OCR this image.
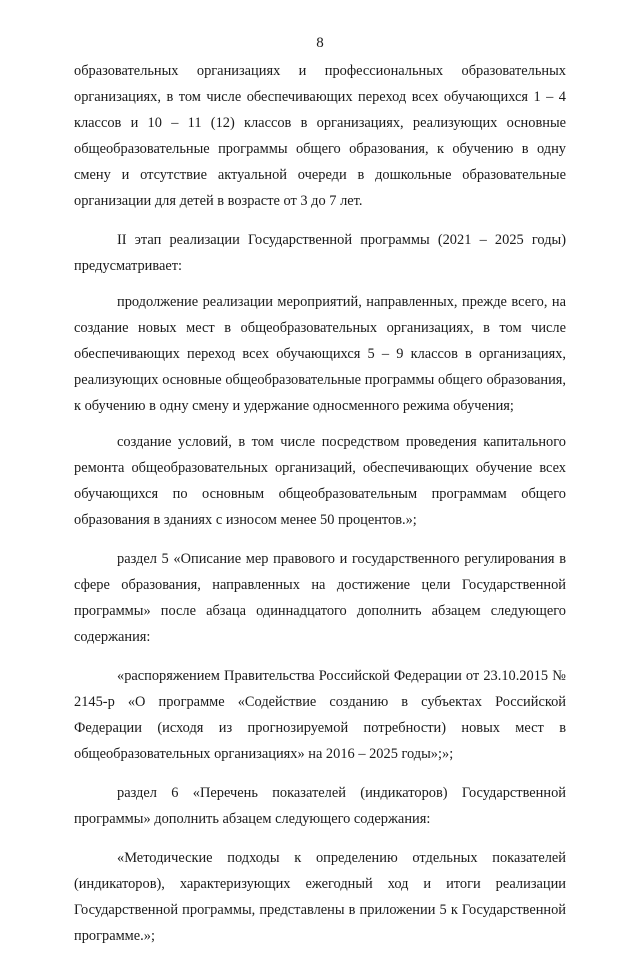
8

образовательных организациях и профессиональных образовательных организациях, в том числе обеспечивающих переход всех обучающихся 1 – 4 классов и 10 – 11 (12) классов в организациях, реализующих основные общеобразовательные программы общего образования, к обучению в одну смену и отсутствие актуальной очереди в дошкольные образовательные организации для детей в возрасте от 3 до 7 лет.

II этап реализации Государственной программы (2021 – 2025 годы) предусматривает:

продолжение реализации мероприятий, направленных, прежде всего, на создание новых мест в общеобразовательных организациях, в том числе обеспечивающих переход всех обучающихся 5 – 9 классов в организациях, реализующих основные общеобразовательные программы общего образования, к обучению в одну смену и удержание односменного режима обучения;

создание условий, в том числе посредством проведения капитального ремонта общеобразовательных организаций, обеспечивающих обучение всех обучающихся по основным общеобразовательным программам общего образования в зданиях с износом менее 50 процентов.»;

раздел 5 «Описание мер правового и государственного регулирования в сфере образования, направленных на достижение цели Государственной программы» после абзаца одиннадцатого дополнить абзацем следующего содержания:

«распоряжением Правительства Российской Федерации от 23.10.2015 № 2145-р «О программе «Содействие созданию в субъектах Российской Федерации (исходя из прогнозируемой потребности) новых мест в общеобразовательных организациях» на 2016 – 2025 годы»;»;

раздел 6 «Перечень показателей (индикаторов) Государственной программы» дополнить абзацем следующего содержания:

«Методические подходы к определению отдельных показателей (индикаторов), характеризующих ежегодный ход и итоги реализации Государственной программы, представлены в приложении 5 к Государственной программе.»;
